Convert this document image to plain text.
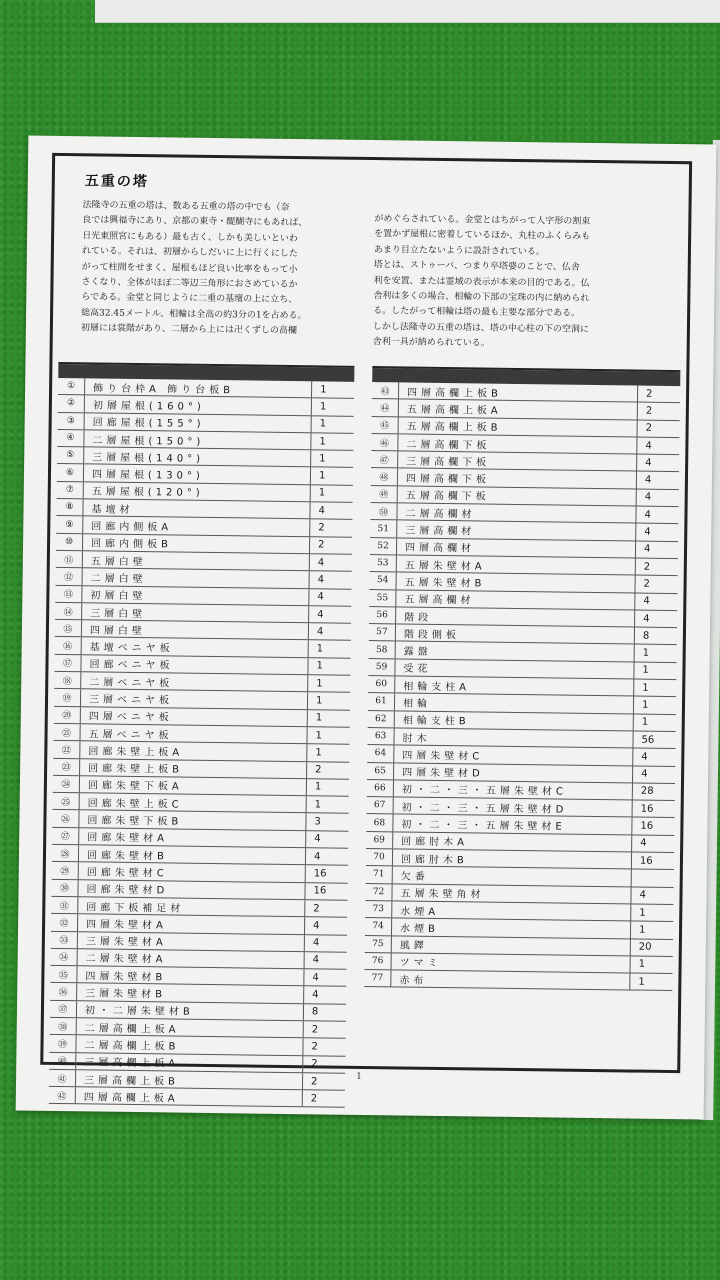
五重の塔
法隆寺の五重の塔は、数ある五重の塔の中でも（奈
良では興福寺にあり、京都の東寺・醍醐寺にもあれば、
日光東照宮にもある）最も古く、しかも美しいといわ
れている。それは、初層からしだいに上に行くにした
がって柱間をせまく、屋根もほど良い比率をもって小
さくなり、全体がほぼ二等辺三角形におさめているか
らである。金堂と同じように二重の基壇の上に立ち、
総高32.45メートル、相輪は全高の約3分の1を占める。
初層には裳階があり、二層から上には卍くずしの高欄
がめぐらされている。金堂とはちがって人字形の割束
を置かず屋根に密着しているほか、丸柱のふくらみも
あまり目立たないように設計されている。
塔とは、ストゥーパ、つまり卒塔婆のことで、仏舎
利を安置、または霊域の表示が本来の目的である。仏
舎利は多くの場合、相輪の下部の宝珠の内に納められ
る。したがって相輪は塔の最も主要な部分である。
しかし法隆寺の五重の塔は、塔の中心柱の下の空洞に
舎利一具が納められている。
①	飾り台枠A 飾り台板B	1
②	初層屋根(160°)	1
③	回廊屋根(155°)	1
④	二層屋根(150°)	1
⑤	三層屋根(140°)	1
⑥	四層屋根(130°)	1
⑦	五層屋根(120°)	1
⑧	基壇材	4
⑨	回廊内側板A	2
⑩	回廊内側板B	2
⑪	五層白壁	4
⑫	二層白壁	4
⑬	初層白壁	4
⑭	三層白壁	4
⑮	四層白壁	4
⑯	基壇ベニヤ板	1
⑰	回廊ベニヤ板	1
⑱	二層ベニヤ板	1
⑲	三層ベニヤ板	1
⑳	四層ベニヤ板	1
㉑	五層ベニヤ板	1
㉒	回廊朱壁上板A	1
㉓	回廊朱壁上板B	2
㉔	回廊朱壁下板A	1
㉕	回廊朱壁上板C	1
㉖	回廊朱壁下板B	3
㉗	回廊朱壁材A	4
㉘	回廊朱壁材B	4
㉙	回廊朱壁材C	16
㉚	回廊朱壁材D	16
㉛	回廊下板補足材	2
㉜	四層朱壁材A	4
㉝	三層朱壁材A	4
㉞	二層朱壁材A	4
㉟	四層朱壁材B	4
㊱	三層朱壁材B	4
㊲	初・二層朱壁材B	8
㊳	二層高欄上板A	2
㊴	二層高欄上板B	2
㊵	三層高欄上板A	2
㊶	三層高欄上板B	2
㊷	四層高欄上板A	2
㊸	四層高欄上板B	2
㊹	五層高欄上板A	2
㊺	五層高欄上板B	2
㊻	二層高欄下板	4
㊼	三層高欄下板	4
㊽	四層高欄下板	4
㊾	五層高欄下板	4
㊿	二層高欄材	4
51	三層高欄材	4
52	四層高欄材	4
53	五層朱壁材A	2
54	五層朱壁材B	2
55	五層高欄材	4
56	階段	4
57	階段側板	8
58	露盤	1
59	受花	1
60	相輪支柱A	1
61	相輪	1
62	相輪支柱B	1
63	肘木	56
64	四層朱壁材C	4
65	四層朱壁材D	4
66	初・二・三・五層朱壁材C	28
67	初・二・三・五層朱壁材D	16
68	初・二・三・五層朱壁材E	16
69	回廊肘木A	4
70	回廊肘木B	16
71	欠番
72	五層朱壁角材	4
73	水煙A	1
74	水煙B	1
75	風鐸	20
76	ツマミ	1
77	赤布	1
1
